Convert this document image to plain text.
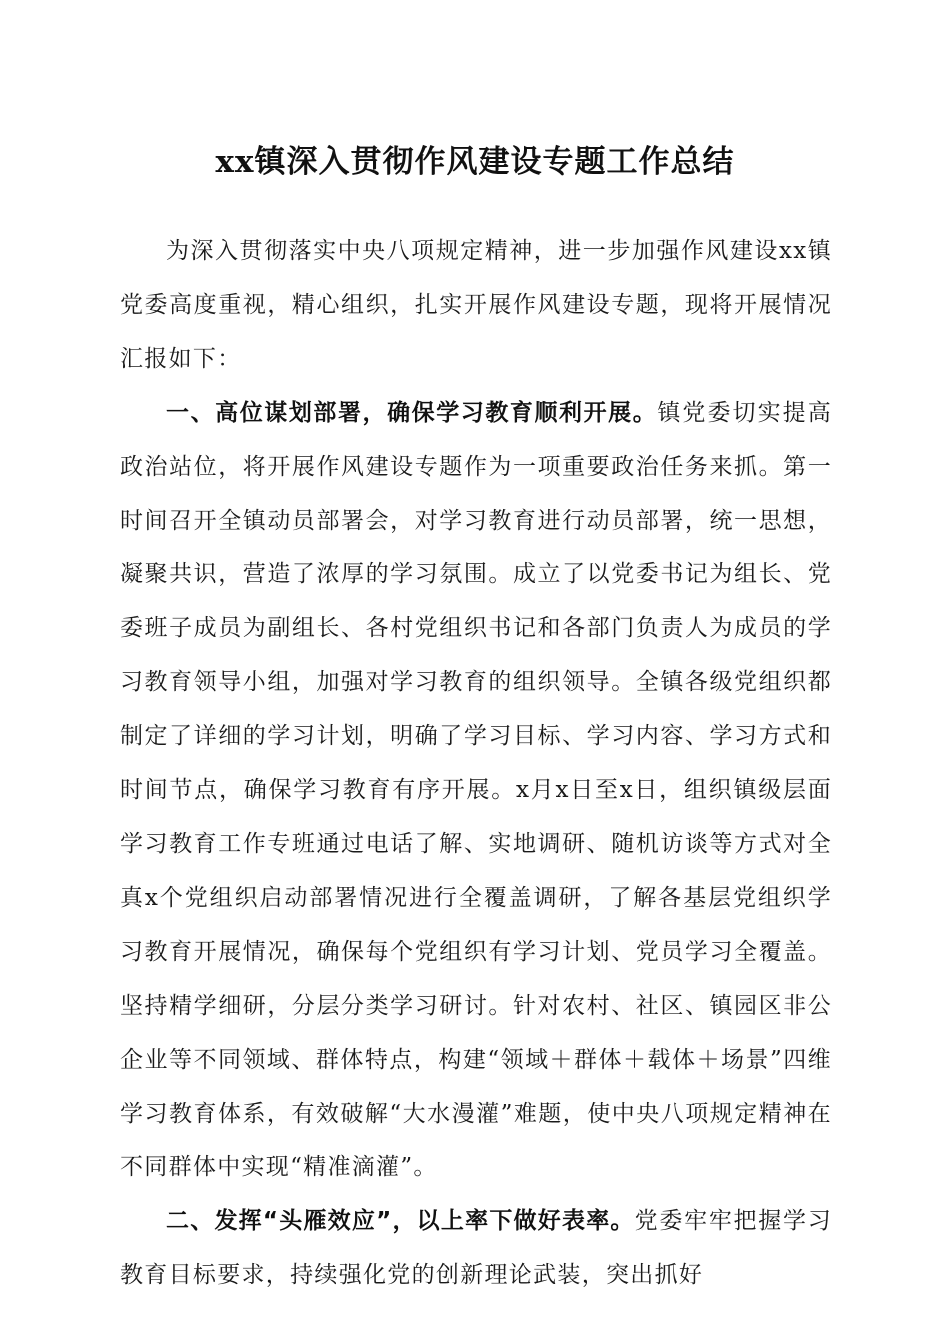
xx镇深入贯彻作风建设专题工作总结

为深入贯彻落实中央八项规定精神，进一步加强作风建设xx镇党委高度重视，精心组织，扎实开展作风建设专题，现将开展情况汇报如下：

一、高位谋划部署，确保学习教育顺利开展。镇党委切实提高政治站位，将开展作风建设专题作为一项重要政治任务来抓。第一时间召开全镇动员部署会，对学习教育进行动员部署，统一思想，凝聚共识，营造了浓厚的学习氛围。成立了以党委书记为组长、党委班子成员为副组长、各村党组织书记和各部门负责人为成员的学习教育领导小组，加强对学习教育的组织领导。全镇各级党组织都制定了详细的学习计划，明确了学习目标、学习内容、学习方式和时间节点，确保学习教育有序开展。x月x日至x日，组织镇级层面学习教育工作专班通过电话了解、实地调研、随机访谈等方式对全真x个党组织启动部署情况进行全覆盖调研，了解各基层党组织学习教育开展情况，确保每个党组织有学习计划、党员学习全覆盖。坚持精学细研，分层分类学习研讨。针对农村、社区、镇园区非公企业等不同领域、群体特点，构建“领域＋群体＋载体＋场景”四维学习教育体系，有效破解“大水漫灌”难题，使中央八项规定精神在不同群体中实现“精准滴灌”。

二、发挥“头雁效应”，以上率下做好表率。党委牢牢把握学习教育目标要求，持续强化党的创新理论武装，突出抓好
